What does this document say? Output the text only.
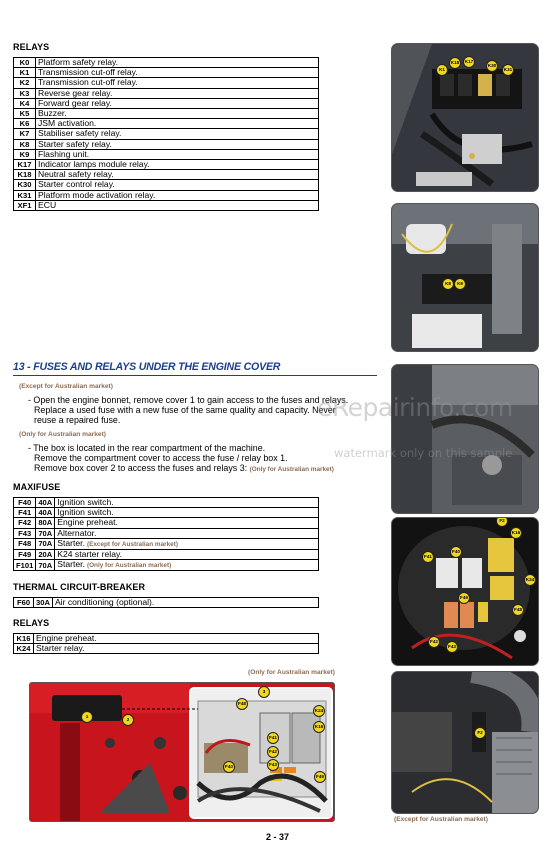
RELAYS
K0	Platform safety relay.
K1	Transmission cut-off relay.
K2	Transmission cut-off relay.
K3	Reverse gear relay.
K4	Forward gear relay.
K5	Buzzer.
K6	JSM activation.
K7	Stabiliser safety relay.
K8	Starter safety relay.
K9	Flashing unit.
K17	Indicator lamps module relay.
K18	Neutral safety relay.
K30	Starter control relay.
K31	Platform mode activation relay.
XF1	ECU
13 - FUSES AND RELAYS UNDER THE ENGINE COVER
(Except for Australian market)
- Open the engine bonnet, remove cover 1 to gain access to the fuses and relays.
Replace a used fuse with a new fuse of the same quality and capacity. Never
reuse a repaired fuse.
(Only for Australian market)
- The box is located in the rear compartment of the machine.
Remove the compartment cover to access the fuse / relay box 1.
Remove box cover 2 to access the fuses and relays 3: (Only for Australian market)
MAXIFUSE
F40	40A	Ignition switch.
F41	40A	Ignition switch.
F42	80A	Engine preheat.
F43	70A	Alternator.
F48	70A	Starter. (Except for Australian market)
F49	20A	K24 starter relay.
F101	70A	Starter. (Only for Australian market)
THERMAL CIRCUIT-BREAKER
F60	30A	Air conditioning (optional).
RELAYS
K16	Engine preheat.
K24	Starter relay.
(Only for Australian market)
1
2
3
K24
K16
F48
F40
F41
F42
F43
F49
K1
K18	K17
K30
K31
K8	K9
F2
F41
F40
K16
K24
F42
F43
F49
F48
F2
(Except for Australian market)
eRepairinfo.com
watermark only on this sample
2 - 37
